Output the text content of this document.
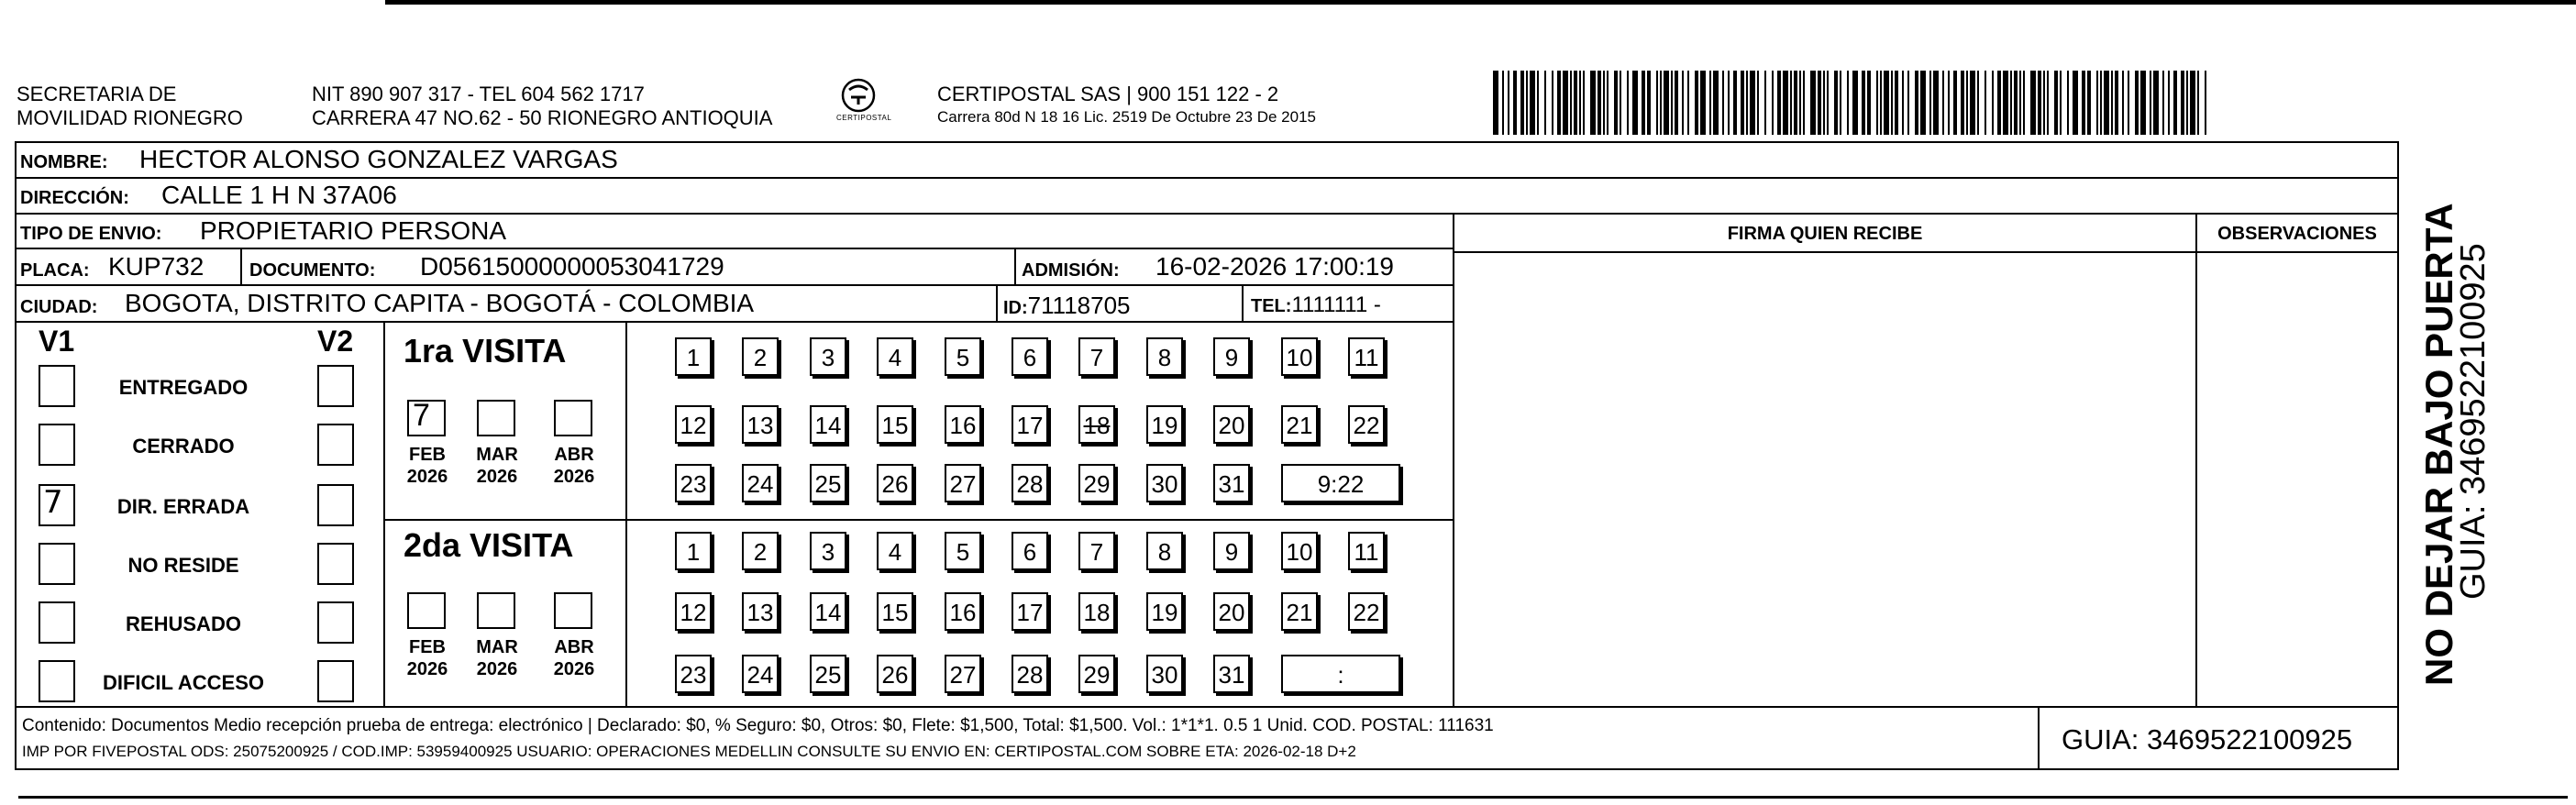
SECRETARIA DE
MOVILIDAD RIONEGRO
NIT 890 907 317 - TEL 604 562 1717
CARRERA 47 NO.62 - 50 RIONEGRO ANTIOQUIA	CERTIPOSTAL
CERTIPOSTAL SAS | 900 151 122 - 2
Carrera 80d N 18 16 Lic. 2519 De Octubre 23 De 2015
NOMBRE: HECTOR ALONSO GONZALEZ VARGAS
DIRECCIÓN: CALLE 1 H N 37A06
TIPO DE ENVIO: PROPIETARIO PERSONA
PLACA: KUP732 DOCUMENTO: D05615000000053041729	ADMISIÓN: 16-02-2026 17:00:19
CIUDAD: BOGOTA, DISTRITO CAPITA - BOGOTÁ - COLOMBIA	ID:71118705	TEL:1111111 -
FIRMA QUIEN RECIBE	OBSERVACIONES
V1	V2
ENTREGADO
CERRADO
7	DIR. ERRADA
NO RESIDE
REHUSADO
DIFICIL ACCESO
1ra VISITA
7
FEB
2026
MAR
2026
ABR
2026
1	2	3	4	5	6	7	8	9	10 11
12 13 14 15 16 17 18 19 20 21 22
23 24 25 26 27 28 29 30 31	9:22
2da VISITA
FEB
2026
MAR
2026
ABR
2026
1	2	3	4	5	6	7	8	9	10 11
12 13 14 15 16 17 18 19 20 21 22
23 24 25 26 27 28 29 30 31	:
Contenido: Documentos Medio recepción prueba de entrega: electrónico | Declarado: $0, % Seguro: $0, Otros: $0, Flete: $1,500, Total: $1,500. Vol.: 1*1*1. 0.5 1 Unid. COD. POSTAL: 111631
IMP POR FIVEPOSTAL ODS: 25075200925 / COD.IMP: 53959400925 USUARIO: OPERACIONES MEDELLIN CONSULTE SU ENVIO EN: CERTIPOSTAL.COM SOBRE ETA: 2026-02-18 D+2	GUIA: 3469522100925
NO DEJAR BAJO PUERTA
GUIA: 3469522100925
